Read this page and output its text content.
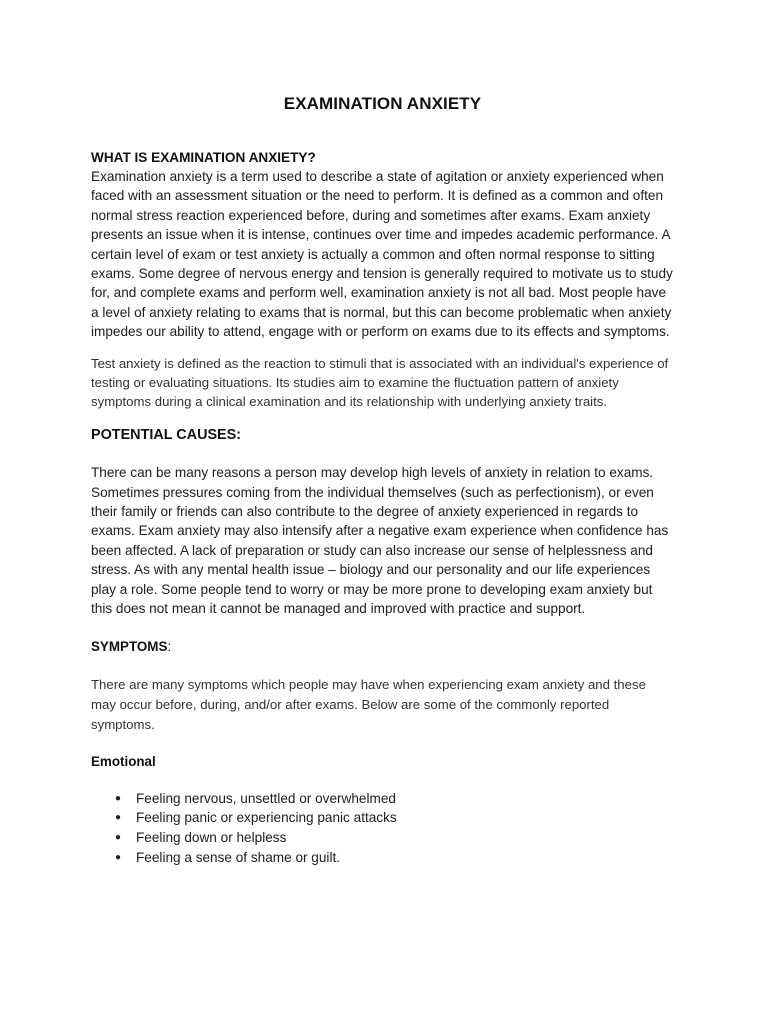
EXAMINATION ANXIETY
WHAT IS EXAMINATION ANXIETY?

Examination anxiety is a term used to describe a state of agitation or anxiety experienced when faced with an assessment situation or the need to perform. It is defined as a common and often normal stress reaction experienced before, during and sometimes after exams. Exam anxiety presents an issue when it is intense, continues over time and impedes academic performance. A certain level of exam or test anxiety is actually a common and often normal response to sitting exams. Some degree of nervous energy and tension is generally required to motivate us to study for, and complete exams and perform well, examination anxiety is not all bad. Most people have a level of anxiety relating to exams that is normal, but this can become problematic when anxiety impedes our ability to attend, engage with or perform on exams due to its effects and symptoms.

Test anxiety is defined as the reaction to stimuli that is associated with an individual's experience of testing or evaluating situations. Its studies aim to examine the fluctuation pattern of anxiety symptoms during a clinical examination and its relationship with underlying anxiety traits.

POTENTIAL CAUSES:

There can be many reasons a person may develop high levels of anxiety in relation to exams. Sometimes pressures coming from the individual themselves (such as perfectionism), or even their family or friends can also contribute to the degree of anxiety experienced in regards to exams. Exam anxiety may also intensify after a negative exam experience when confidence has been affected. A lack of preparation or study can also increase our sense of helplessness and stress. As with any mental health issue – biology and our personality and our life experiences play a role. Some people tend to worry or may be more prone to developing exam anxiety but this does not mean it cannot be managed and improved with practice and support.

SYMPTOMS:

There are many symptoms which people may have when experiencing exam anxiety and these may occur before, during, and/or after exams. Below are some of the commonly reported symptoms.

Emotional
● Feeling nervous, unsettled or overwhelmed
● Feeling panic or experiencing panic attacks
● Feeling down or helpless
● Feeling a sense of shame or guilt.
